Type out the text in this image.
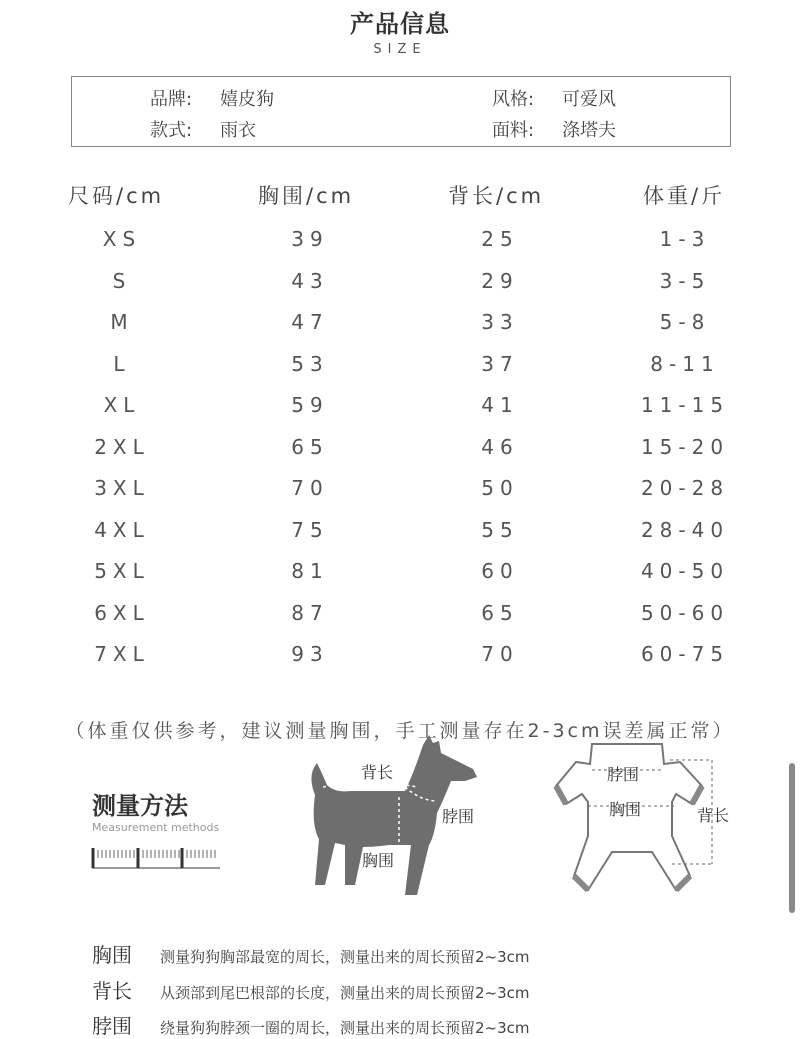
产品信息
SIZE
品牌: 嬉皮狗	风格: 可爱风
款式: 雨衣	面料: 涤塔夫
尺码/cm	胸围/cm	背长/cm	体重/斤
XS	39	25	1-3
S	43	29	3-5
M	47	33	5-8
L	53	37	8-11
XL	59	41	11-15
2XL	65	46	15-20
3XL	70	50	20-28
4XL	75	55	28-40
5XL	81	60	40-50
6XL	87	65	50-60
7XL	93	70	60-75
（体重仅供参考，建议测量胸围，手工测量存在2-3cm误差属正常）
测量方法
Measurement methods
背长
脖围
胸围
脖围
胸围	背长
胸围 测量狗狗胸部最宽的周长，测量出来的周长预留2~3cm
背长 从颈部到尾巴根部的长度，测量出来的周长预留2~3cm
脖围 绕量狗狗脖颈一圈的周长，测量出来的周长预留2~3cm
